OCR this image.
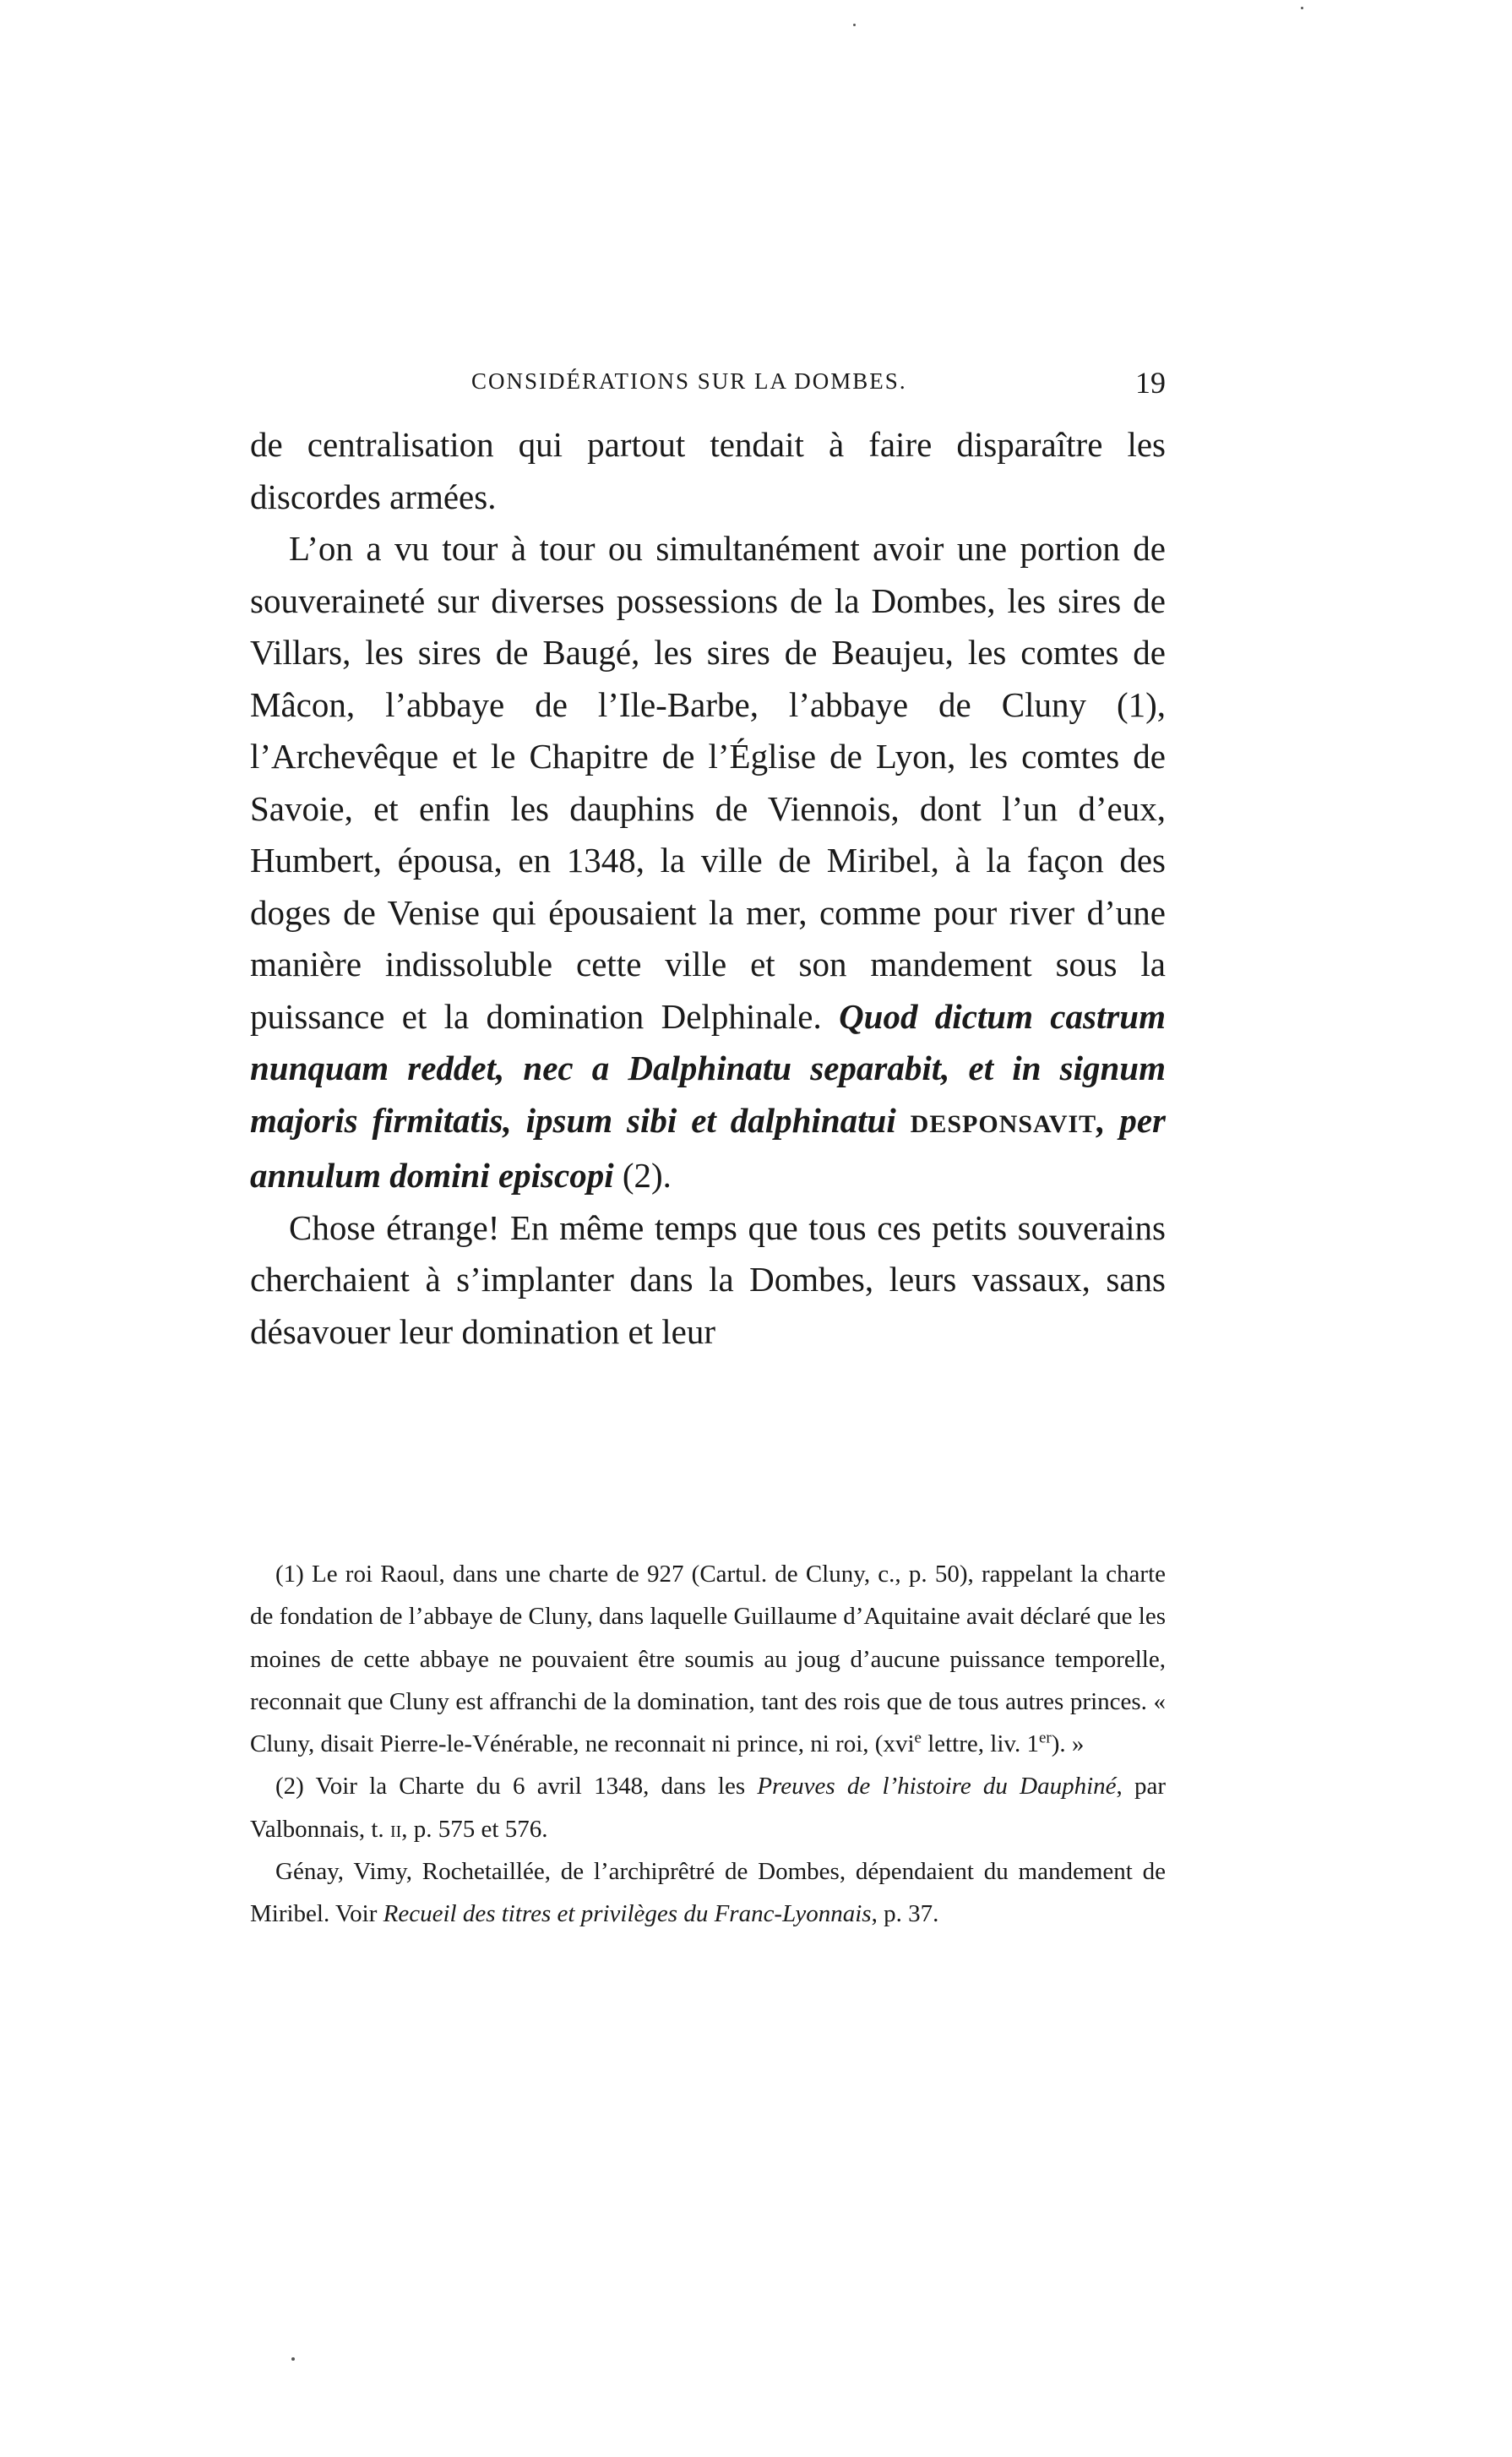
CONSIDÉRATIONS SUR LA DOMBES.	19

de centralisation qui partout tendait à faire disparaître les discordes armées.

L’on a vu tour à tour ou simultanément avoir une portion de souveraineté sur diverses possessions de la Dombes, les sires de Villars, les sires de Baugé, les sires de Beaujeu, les comtes de Mâcon, l’abbaye de l’Ile-Barbe, l’abbaye de Cluny (1), l’Archevêque et le Chapitre de l’Église de Lyon, les comtes de Savoie, et enfin les dauphins de Viennois, dont l’un d’eux, Humbert, épousa, en 1348, la ville de Miribel, à la façon des doges de Venise qui épousaient la mer, comme pour river d’une manière indissoluble cette ville et son mandement sous la puissance et la domination Delphinale. Quod dictum castrum nunquam reddet, nec a Dalphinatu separabit, et in signum majoris firmitatis, ipsum sibi et dalphinatui DESPONSAVIT, per annulum domini episcopi (2).

Chose étrange! En même temps que tous ces petits souverains cherchaient à s’implanter dans la Dombes, leurs vassaux, sans désavouer leur domination et leur

(1) Le roi Raoul, dans une charte de 927 (Cartul. de Cluny, c., p. 50), rappelant la charte de fondation de l’abbaye de Cluny, dans laquelle Guillaume d’Aquitaine avait déclaré que les moines de cette abbaye ne pouvaient être soumis au joug d’aucune puissance temporelle, reconnait que Cluny est affranchi de la domination, tant des rois que de tous autres princes. « Cluny, disait Pierre-le-Vénérable, ne reconnait ni prince, ni roi, (xvi$^e$ lettre, liv. 1er). »

(2) Voir la Charte du 6 avril 1348, dans les Preuves de l’histoire du Dauphiné, par Valbonnais, t. ii, p. 575 et 576.

Génay, Vimy, Rochetaillée, de l’archiprêtré de Dombes, dépendaient du mandement de Miribel. Voir Recueil des titres et privilèges du Franc-Lyonnais, p. 37.
